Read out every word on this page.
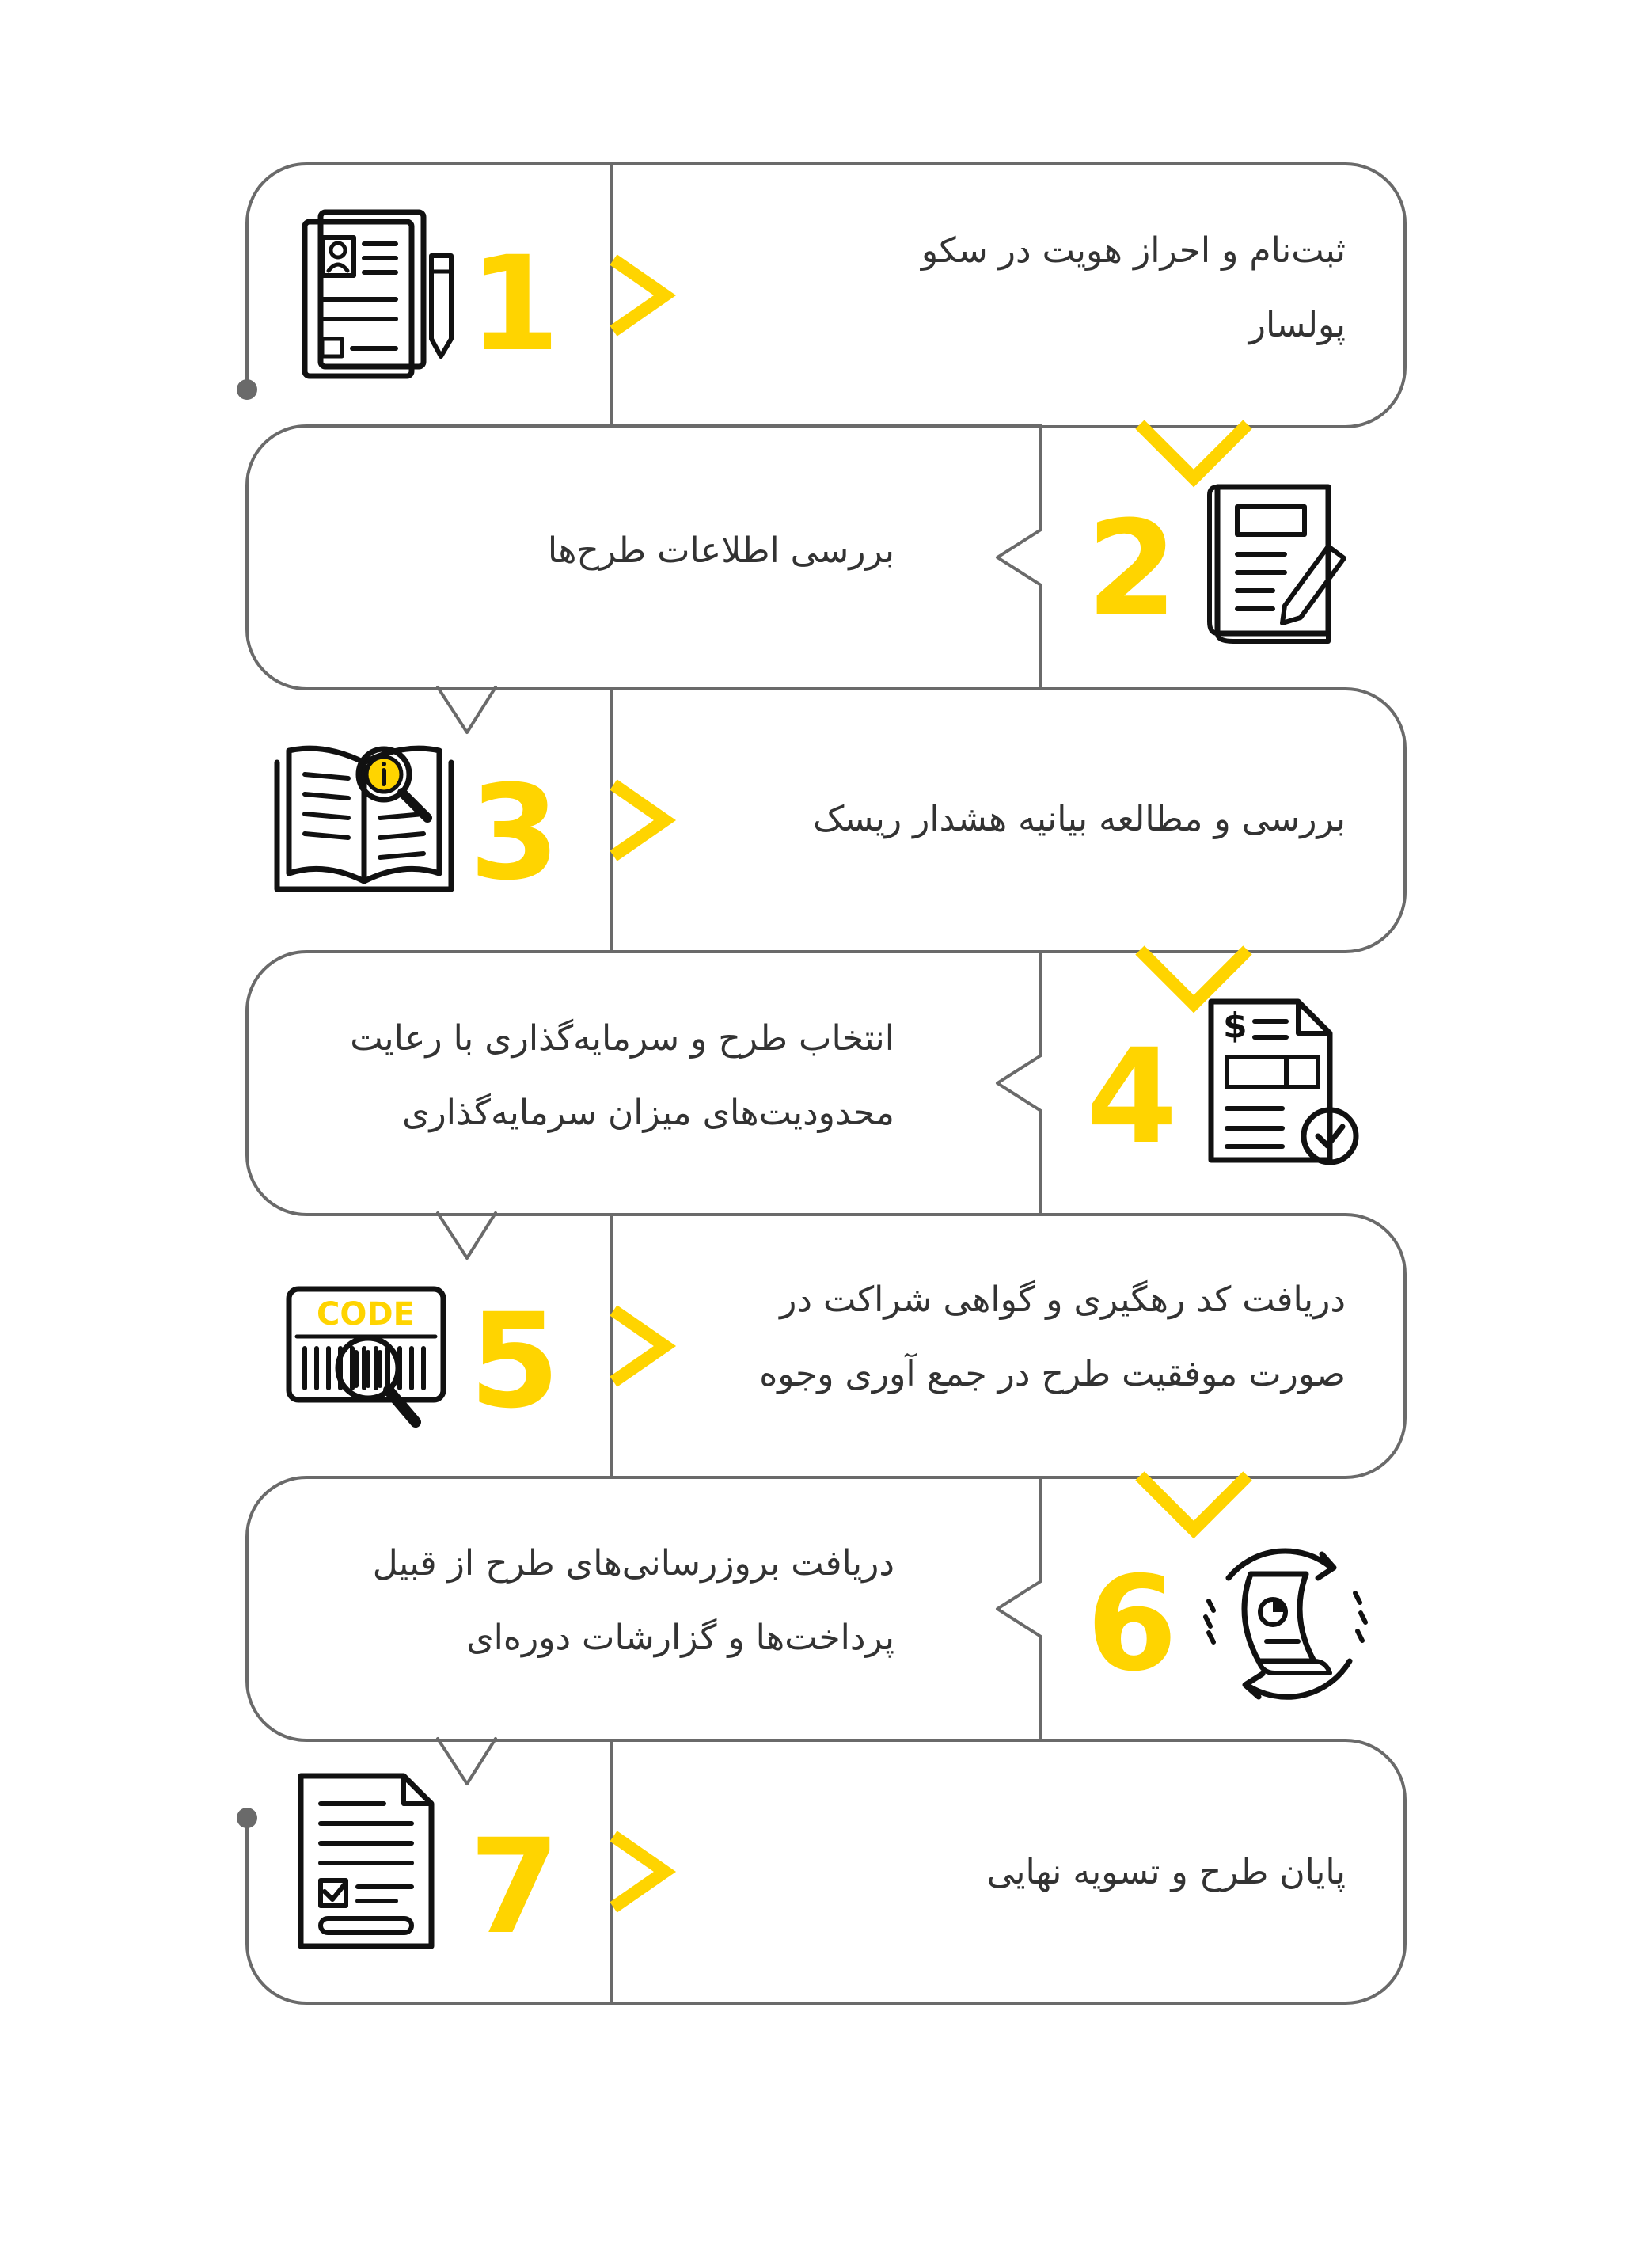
$
CODE
1
2
3
4
5
6
7
ثبت‌نام و احراز هویت در سکو
پولسار
بررسی اطلاعات طرح‌ها
بررسی و مطالعه بیانیه هشدار ریسک
انتخاب طرح و سرمایه‌گذاری با رعایت
محدودیت‌های میزان سرمایه‌گذاری
دریافت کد رهگیری و گواهی شراکت در
صورت موفقیت طرح در جمع آوری وجوه
دریافت بروزرسانی‌های طرح از قبیل
پرداخت‌ها و گزارشات دوره‌ای
پایان طرح و تسویه نهایی
